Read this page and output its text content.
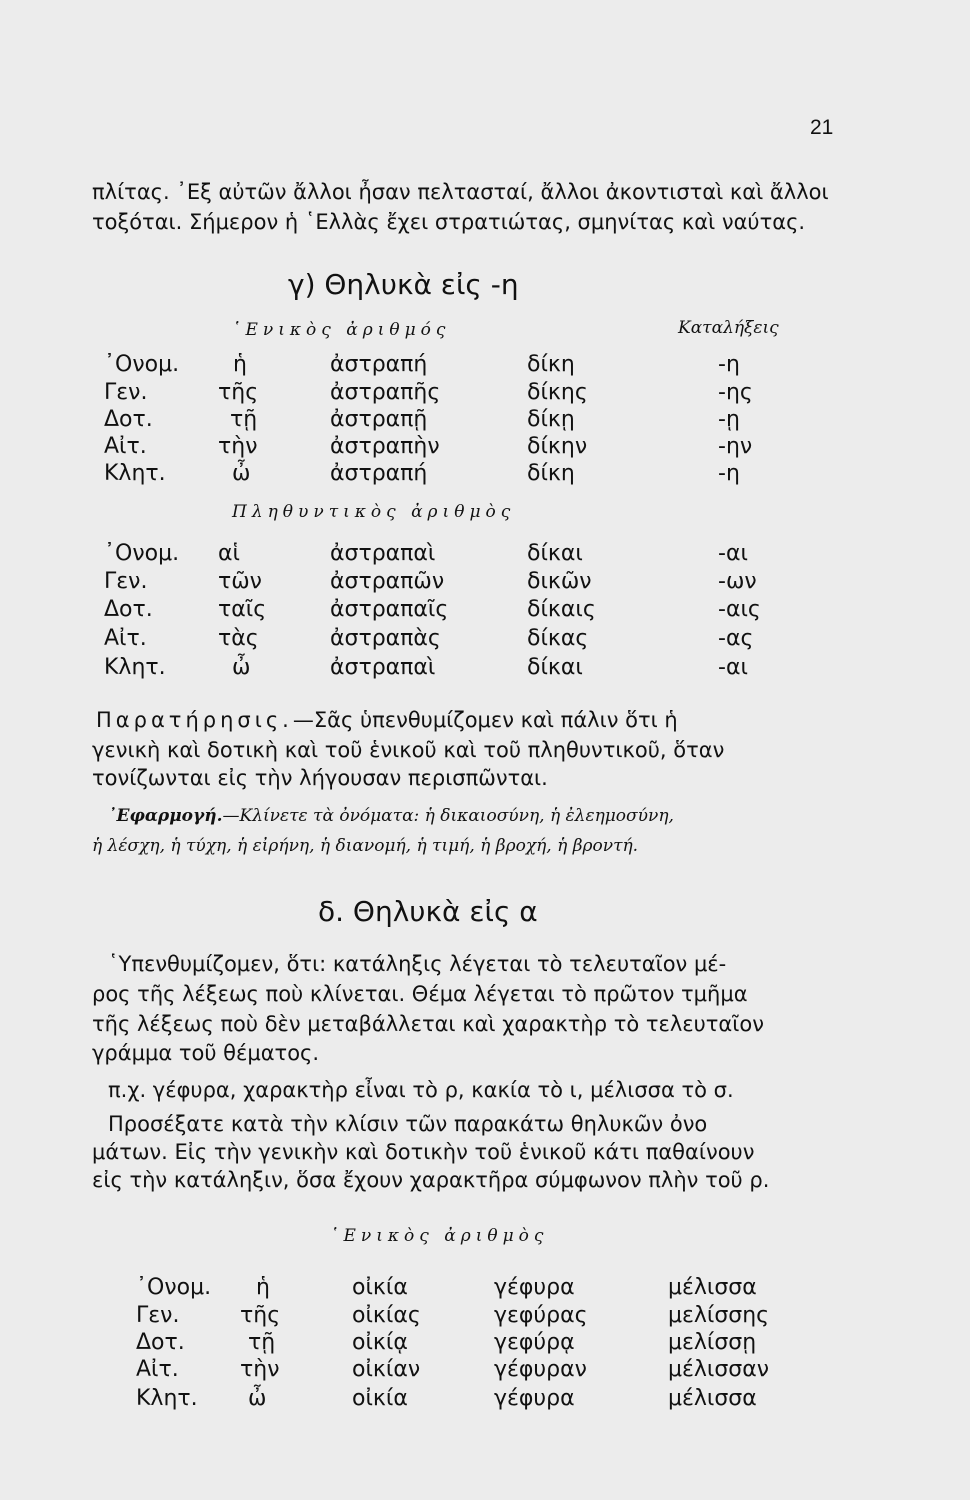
21
πλίτας. ᾽Εξ αὐτῶν ἄλλοι ἦσαν πελτασταί, ἄλλοι ἀκοντισταὶ καὶ ἄλλοι
τοξόται. Σήμερον ἡ ῾Ελλὰς ἔχει στρατιώτας, σμηνίτας καὶ ναύτας.
γ) Θηλυκὰ εἰς -η
῾Ενικὸς ἀριθμός	Καταλήξεις
᾽Ονομ. ἡ	ἀστραπή	δίκη	-η
Γεν.	τῆς	ἀστραπῆς	δίκης	-ης
Δοτ.	τῇ	ἀστραπῇ	δίκῃ	-ῃ
Αἰτ.	τὴν	ἀστραπὴν	δίκην	-ην
Κλητ.	ὦ	ἀστραπή	δίκη	-η
Πληθυντικὸς ἀριθμὸς
᾽Ονομ. αἱ	ἀστραπαὶ	δίκαι	-αι
Γεν.	τῶν	ἀστραπῶν	δικῶν	-ων
Δοτ.	ταῖς	ἀστραπαῖς	δίκαις	-αις
Αἰτ.	τὰς	ἀστραπὰς	δίκας	-ας
Κλητ.	ὦ	ἀστραπαὶ	δίκαι	-αι
Παρατήρησις.—Σᾶς ὑπενθυμίζομεν καὶ πάλιν ὅτι ἡ
γενικὴ καὶ δοτικὴ καὶ τοῦ ἑνικοῦ καὶ τοῦ πληθυντικοῦ, ὅταν
τονίζωνται εἰς τὴν λήγουσαν περισπῶνται.
᾽Εφαρμογή.—Κλίνετε τὰ ὀνόματα: ἡ δικαιοσύνη, ἡ ἐλεημοσύνη,
ἡ λέσχη, ἡ τύχη, ἡ εἰρήνη, ἡ διανομή, ἡ τιμή, ἡ βροχή, ἡ βροντή.
δ. Θηλυκὰ εἰς α
῾Υπενθυμίζομεν, ὅτι: κατάληξις λέγεται τὸ τελευταῖον μέ-
ρος τῆς λέξεως ποὺ κλίνεται. Θέμα λέγεται τὸ πρῶτον τμῆμα
τῆς λέξεως ποὺ δὲν μεταβάλλεται καὶ χαρακτὴρ τὸ τελευταῖον
γράμμα τοῦ θέματος.
π.χ. γέφυρα, χαρακτὴρ εἶναι τὸ ρ, κακία τὸ ι, μέλισσα τὸ σ.
Προσέξατε κατὰ τὴν κλίσιν τῶν παρακάτω θηλυκῶν ὀνο
μάτων. Εἰς τὴν γενικὴν καὶ δοτικὴν τοῦ ἑνικοῦ κάτι παθαίνουν
εἰς τὴν κατάληξιν, ὅσα ἔχουν χαρακτῆρα σύμφωνον πλὴν τοῦ ρ.
῾Ενικὸς ἀριθμὸς
᾽Ονομ. ἡ	οἰκία	γέφυρα	μέλισσα
Γεν.	τῆς	οἰκίας	γεφύρας	μελίσσης
Δοτ.	τῇ	οἰκίᾳ	γεφύρᾳ	μελίσσῃ
Αἰτ.	τὴν	οἰκίαν	γέφυραν	μέλισσαν
Κλητ. ὦ	οἰκία	γέφυρα	μέλισσα
